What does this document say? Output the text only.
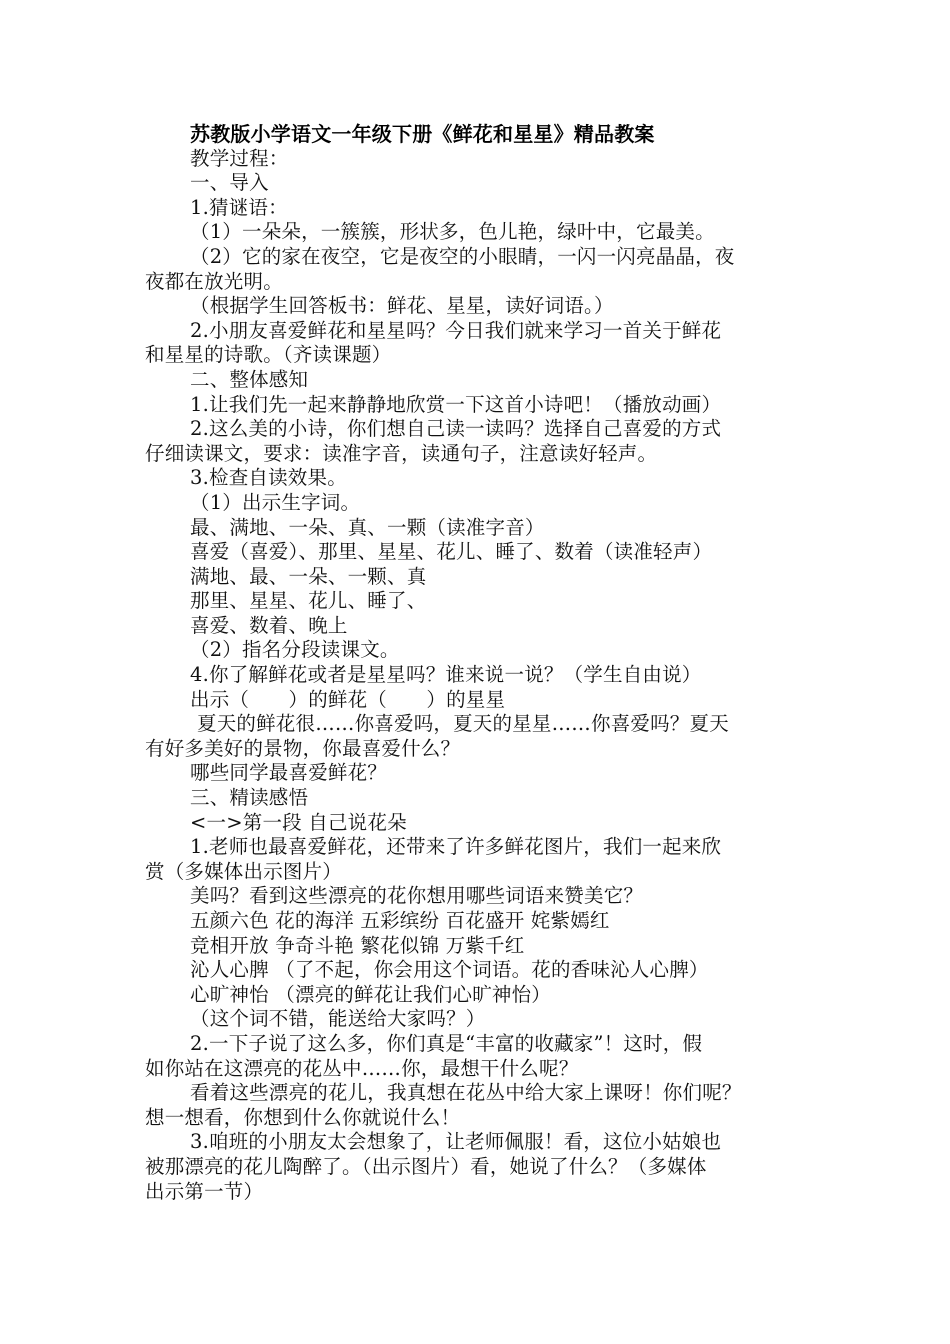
苏教版小学语文一年级下册《鲜花和星星》精品教案
教学过程：
一、导入
1.猜谜语：
（1）一朵朵，一簇簇，形状多，色儿艳，绿叶中，它最美。
（2）它的家在夜空，它是夜空的小眼睛，一闪一闪亮晶晶，夜
夜都在放光明。
（根据学生回答板书：鲜花、星星，读好词语。）
2.小朋友喜爱鲜花和星星吗？今日我们就来学习一首关于鲜花
和星星的诗歌。（齐读课题）
二、整体感知
1.让我们先一起来静静地欣赏一下这首小诗吧！（播放动画）
2.这么美的小诗，你们想自己读一读吗？选择自己喜爱的方式
仔细读课文，要求：读准字音，读通句子，注意读好轻声。
3.检查自读效果。
（1）出示生字词。
最、满地、一朵、真、一颗（读准字音）
喜爱（喜爱）、那里、星星、花儿、睡了、数着（读准轻声）
满地、最、一朵、一颗、真
那里、星星、花儿、睡了、
喜爱、数着、晚上
（2）指名分段读课文。
4.你了解鲜花或者是星星吗？谁来说一说？（学生自由说）
出示（　　）的鲜花（　　）的星星
夏天的鲜花很……你喜爱吗，夏天的星星……你喜爱吗？夏天
有好多美好的景物，你最喜爱什么？
哪些同学最喜爱鲜花？
三、精读感悟
<一>第一段 自己说花朵
1.老师也最喜爱鲜花，还带来了许多鲜花图片，我们一起来欣
赏（多媒体出示图片）
美吗？看到这些漂亮的花你想用哪些词语来赞美它？
五颜六色 花的海洋 五彩缤纷 百花盛开 姹紫嫣红
竞相开放 争奇斗艳 繁花似锦 万紫千红
沁人心脾 （了不起，你会用这个词语。花的香味沁人心脾）
心旷神怡 （漂亮的鲜花让我们心旷神怡）
（这个词不错，能送给大家吗？）
2.一下子说了这么多，你们真是“丰富的收藏家”！这时，假
如你站在这漂亮的花丛中……你，最想干什么呢？
看着这些漂亮的花儿，我真想在花丛中给大家上课呀！你们呢？
想一想看，你想到什么你就说什么！
3.咱班的小朋友太会想象了，让老师佩服！看，这位小姑娘也
被那漂亮的花儿陶醉了。（出示图片）看，她说了什么？（多媒体
出示第一节）
